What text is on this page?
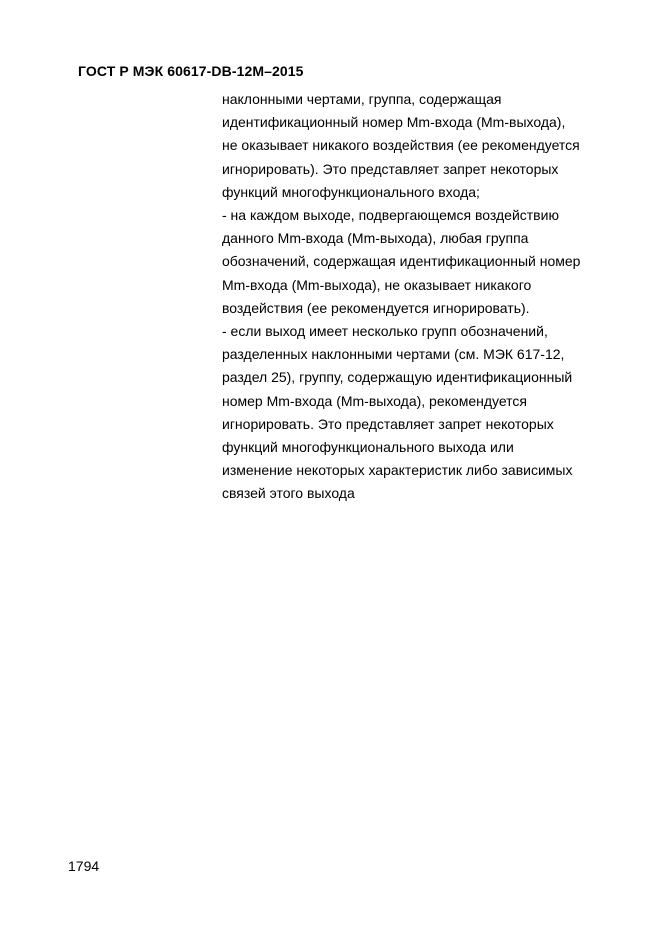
ГОСТ Р МЭК 60617-DB-12M–2015
наклонными чертами, группа, содержащая
идентификационный номер Mm-входа (Mm-выхода),
не оказывает никакого воздействия (ее рекомендуется
игнорировать). Это представляет запрет некоторых
функций многофункционального входа;
- на каждом выходе, подвергающемся воздействию
данного Mm-входа (Mm-выхода), любая группа
обозначений, содержащая идентификационный номер
Mm-входа (Mm-выхода), не оказывает никакого
воздействия (ее рекомендуется игнорировать).
- если выход имеет несколько групп обозначений,
разделенных наклонными чертами (см. МЭК 617-12,
раздел 25), группу, содержащую идентификационный
номер Mm-входа (Mm-выхода), рекомендуется
игнорировать. Это представляет запрет некоторых
функций многофункционального выхода или
изменение некоторых характеристик либо зависимых
связей этого выхода
1794
